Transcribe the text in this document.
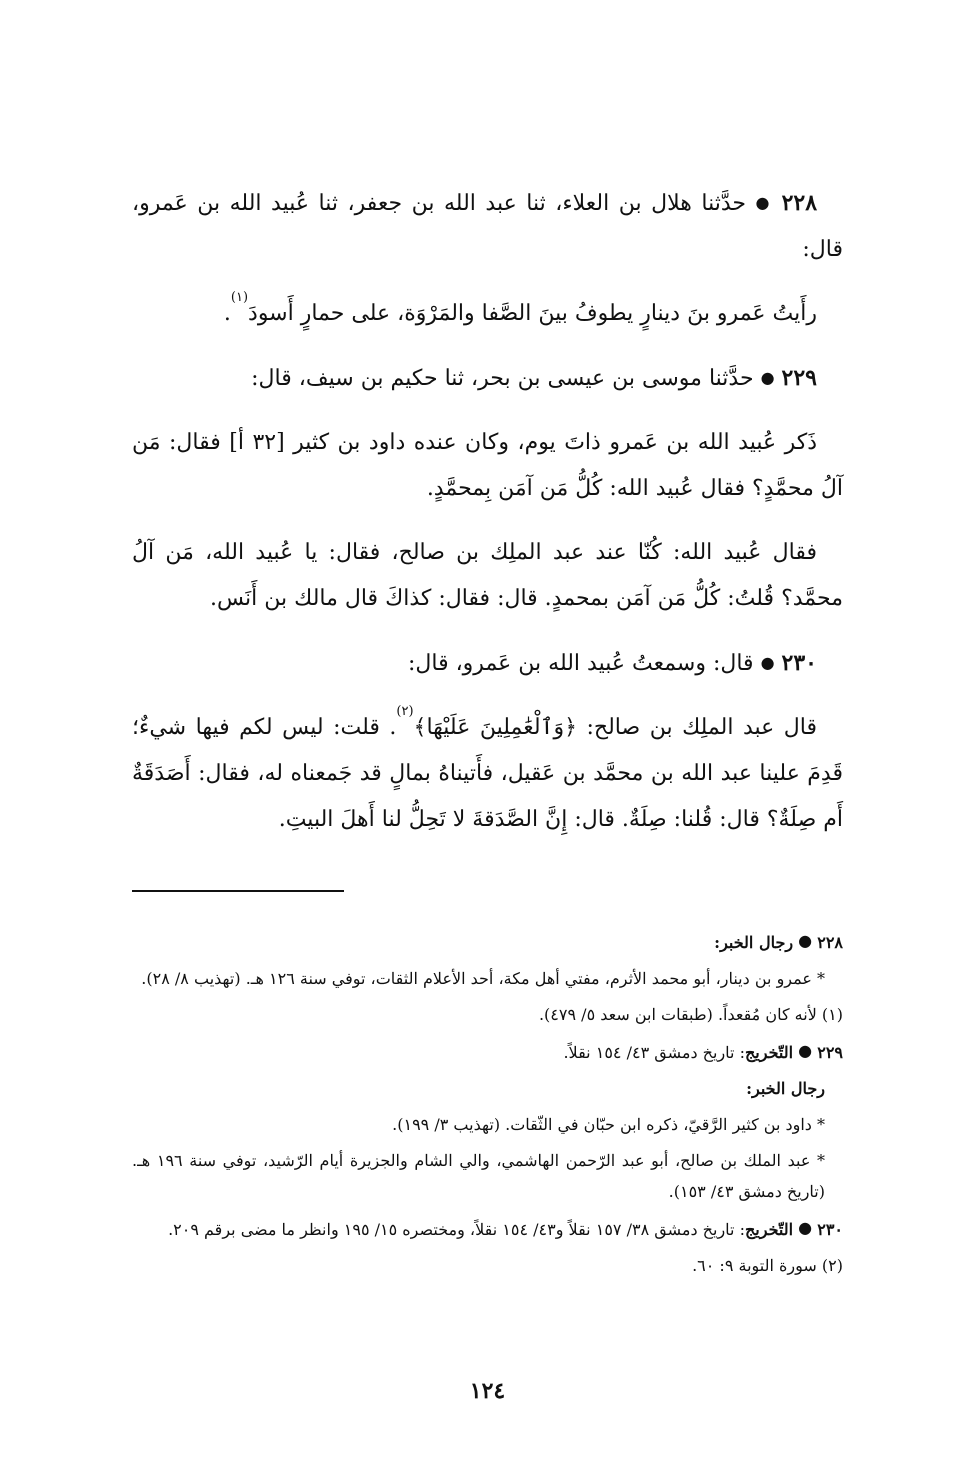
٢٢٨ ● حدَّثنا هلال بن العلاء، ثنا عبد الله بن جعفر، ثنا عُبيد الله بن عَمرو، قال:

رأَيتُ عَمرو بنَ دينارٍ يطوفُ بينَ الصَّفا والمَرْوَة، على حمارٍ أَسودَ$^{(١)}$.

٢٢٩ ● حدَّثنا موسى بن عيسى بن بحر، ثنا حكيم بن سيف، قال:

ذَكر عُبيد الله بن عَمرو ذاتَ يوم، وكان عنده داود بن كثير [٣٢ أ] فقال: مَن آلُ محمَّدٍ؟ فقال عُبيد الله: كُلُّ مَن آمَن بِمحمَّدٍ.

فقال عُبيد الله: كُنّا عند عبد الملِك بن صالح، فقال: يا عُبيد الله، مَن آلُ محمَّد؟ قُلتُ: كُلُّ مَن آمَن بمحمدٍ. قال: فقال: كذاكَ قال مالك بن أَنَس.

٢٣٠ ● قال: وسمعتُ عُبيد الله بن عَمرو، قال:

قال عبد الملِك بن صالح: ﴿وَٱلْعَٰمِلِينَ عَلَيْهَا﴾$^{(٢)}$. قلت: ليس لكم فيها شيءٌ؛ قَدِمَ علينا عبد الله بن محمَّد بن عَقيل، فأَتيناهُ بمالٍ قد جَمعناه له، فقال: أَصَدَقَةٌ أَم صِلَةٌ؟ قال: قُلنا: صِلَةٌ. قال: إِنَّ الصَّدَقةَ لا تَحِلُّ لنا أَهلَ البيتِ.

٢٢٨ ● رجال الخبر:

* عمرو بن دينار، أبو محمد الأثرم، مفتي أهل مكة، أحد الأعلام الثقات، توفي سنة ١٢٦ هـ. (تهذيب ٨/ ٢٨).

(١) لأنه كان مُقعداً. (طبقات ابن سعد ٥/ ٤٧٩).

٢٢٩ ● التّخريج: تاريخ دمشق ٤٣/ ١٥٤ نقلاً.

رجال الخبر:

* داود بن كثير الرَّقيّ، ذكره ابن حبّان في الثّقات. (تهذيب ٣/ ١٩٩).

* عبد الملك بن صالح، أبو عبد الرّحمن الهاشمي، والي الشام والجزيرة أيام الرّشيد، توفي سنة ١٩٦ هـ. (تاريخ دمشق ٤٣/ ١٥٣).

٢٣٠ ● التّخريج: تاريخ دمشق ٣٨/ ١٥٧ نقلاً و٤٣/ ١٥٤ نقلاً، ومختصره ١٥/ ١٩٥ وانظر ما مضى برقم ٢٠٩.

(٢) سورة التوبة ٩: ٦٠.

١٢٤
